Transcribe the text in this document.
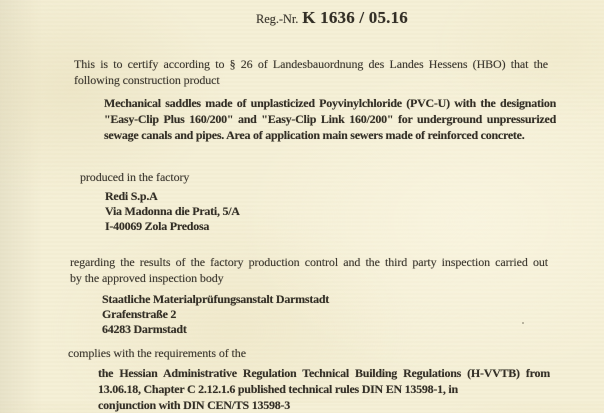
Reg.-Nr. K 1636 / 05.16
This is to certify according to § 26 of Landesbauordnung des Landes Hessens (HBO) that the
following construction product
Mechanical saddles made of unplasticized Poyvinylchloride (PVC-U) with the designation
"Easy-Clip Plus 160/200" and "Easy-Clip Link 160/200" for underground unpressurized
sewage canals and pipes. Area of application main sewers made of reinforced concrete.
produced in the factory
Redi S.p.A
Via Madonna die Prati, 5/A
I-40069 Zola Predosa
regarding the results of the factory production control and the third party inspection carried out
by the approved inspection body
Staatliche Materialprüfungsanstalt Darmstadt
Grafenstraße 2
64283 Darmstadt
complies with the requirements of the
the Hessian Administrative Regulation Technical Building Regulations (H-VVTB) from
13.06.18, Chapter C 2.12.1.6 published technical rules DIN EN 13598-1, in
conjunction with DIN CEN/TS 13598-3
